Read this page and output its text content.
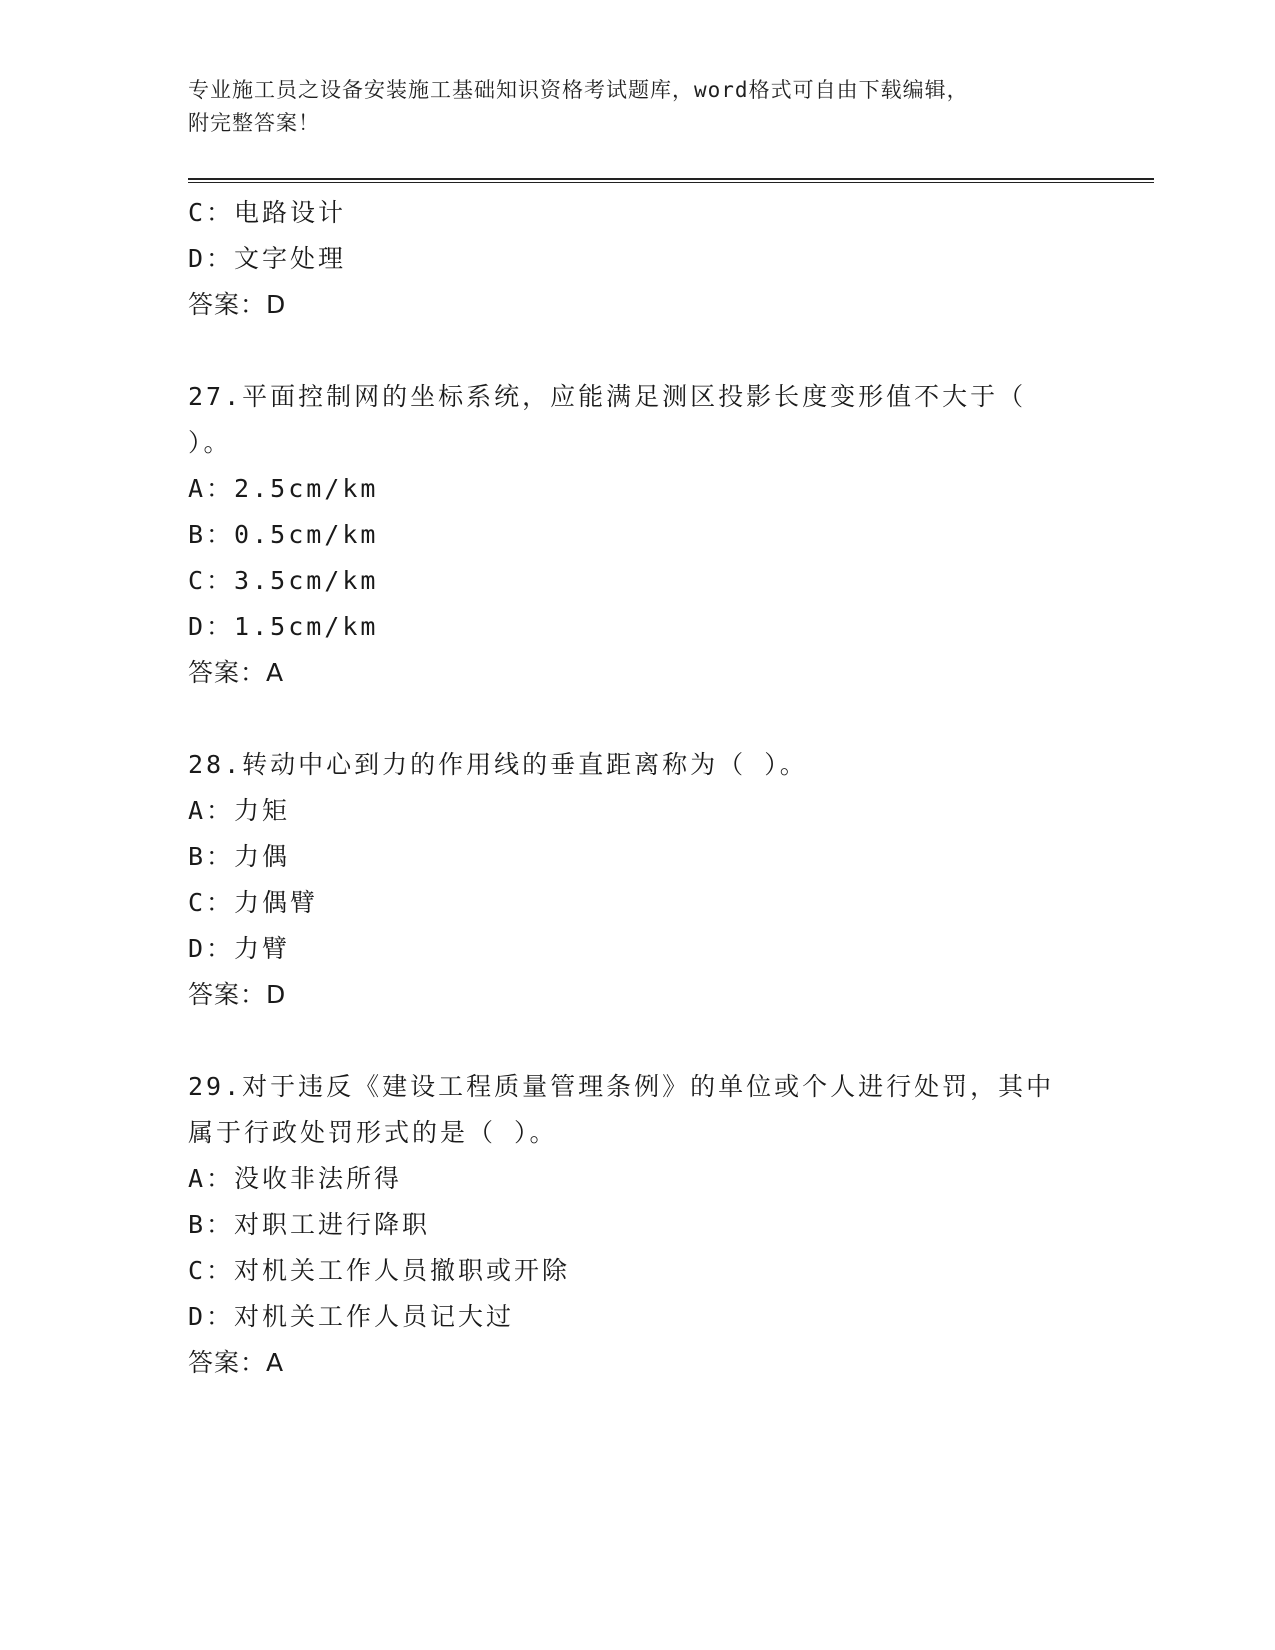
专业施工员之设备安装施工基础知识资格考试题库，word格式可自由下载编辑，
附完整答案！
C：电路设计
D：文字处理
答案：D
27.平面控制网的坐标系统，应能满足测区投影长度变形值不大于（
）。
A：2.5cm/km
B：0.5cm/km
C：3.5cm/km
D：1.5cm/km
答案：A
28.转动中心到力的作用线的垂直距离称为（ ）。
A：力矩
B：力偶
C：力偶臂
D：力臂
答案：D
29.对于违反《建设工程质量管理条例》的单位或个人进行处罚，其中
属于行政处罚形式的是（ ）。
A：没收非法所得
B：对职工进行降职
C：对机关工作人员撤职或开除
D：对机关工作人员记大过
答案：A
